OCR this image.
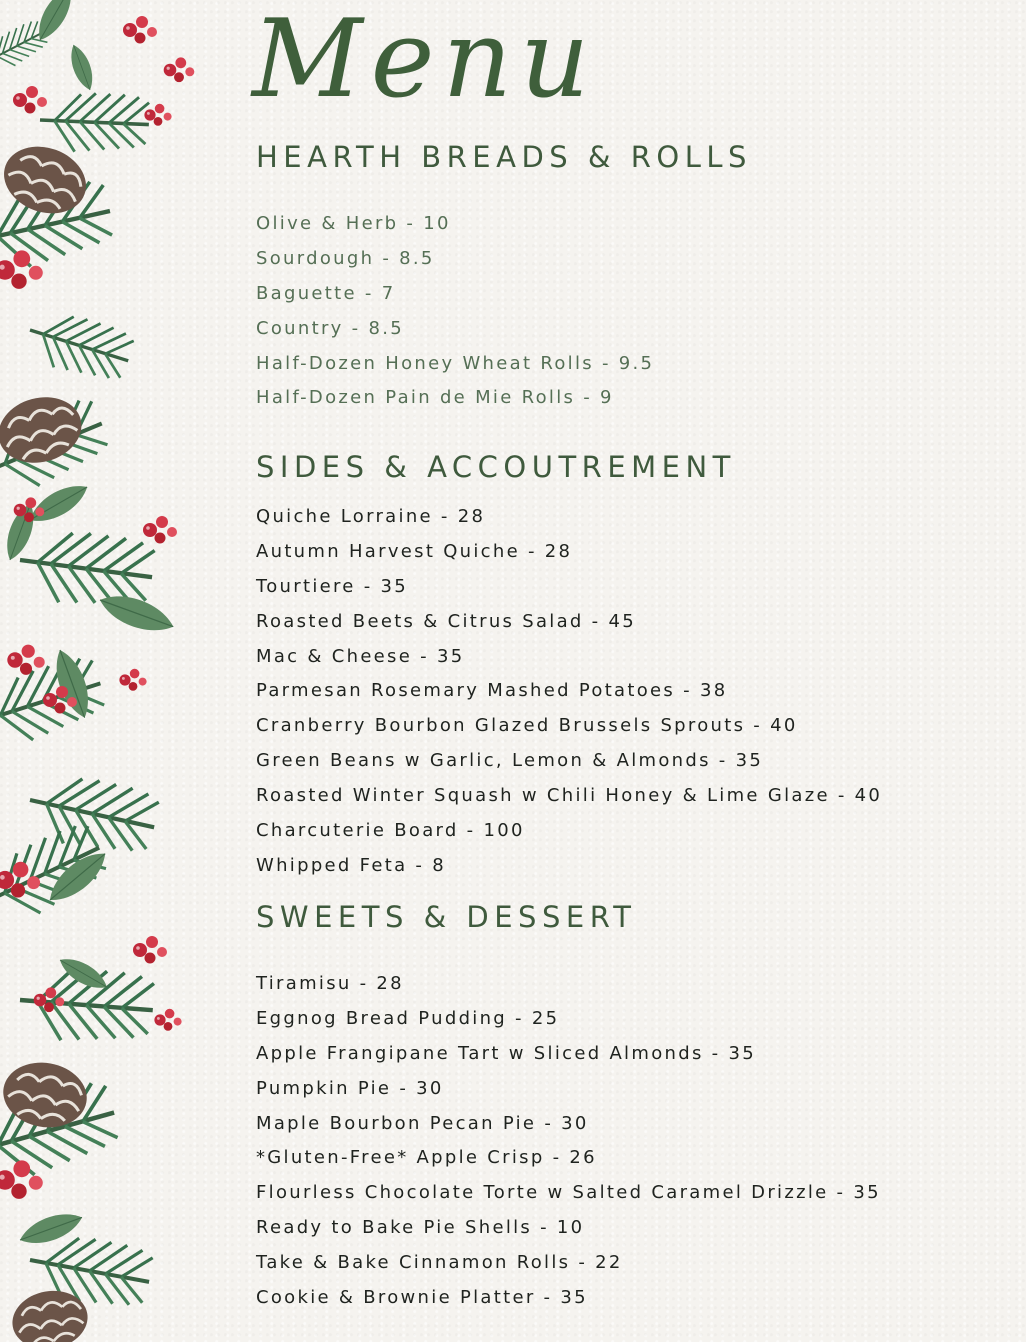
Menu
HEARTH BREADS & ROLLS
Olive & Herb - 10
Sourdough - 8.5
Baguette - 7
Country - 8.5
Half-Dozen Honey Wheat Rolls - 9.5
Half-Dozen Pain de Mie Rolls - 9
SIDES & ACCOUTREMENT
Quiche Lorraine - 28
Autumn Harvest Quiche - 28
Tourtiere - 35
Roasted Beets & Citrus Salad - 45
Mac & Cheese - 35
Parmesan Rosemary Mashed Potatoes - 38
Cranberry Bourbon Glazed Brussels Sprouts - 40
Green Beans w Garlic, Lemon & Almonds - 35
Roasted Winter Squash w Chili Honey & Lime Glaze - 40
Charcuterie Board - 100
Whipped Feta - 8
SWEETS & DESSERT
Tiramisu - 28
Eggnog Bread Pudding - 25
Apple Frangipane Tart w Sliced Almonds - 35
Pumpkin Pie - 30
Maple Bourbon Pecan Pie - 30
*Gluten-Free* Apple Crisp - 26
Flourless Chocolate Torte w Salted Caramel Drizzle - 35
Ready to Bake Pie Shells - 10
Take & Bake Cinnamon Rolls - 22
Cookie & Brownie Platter - 35
